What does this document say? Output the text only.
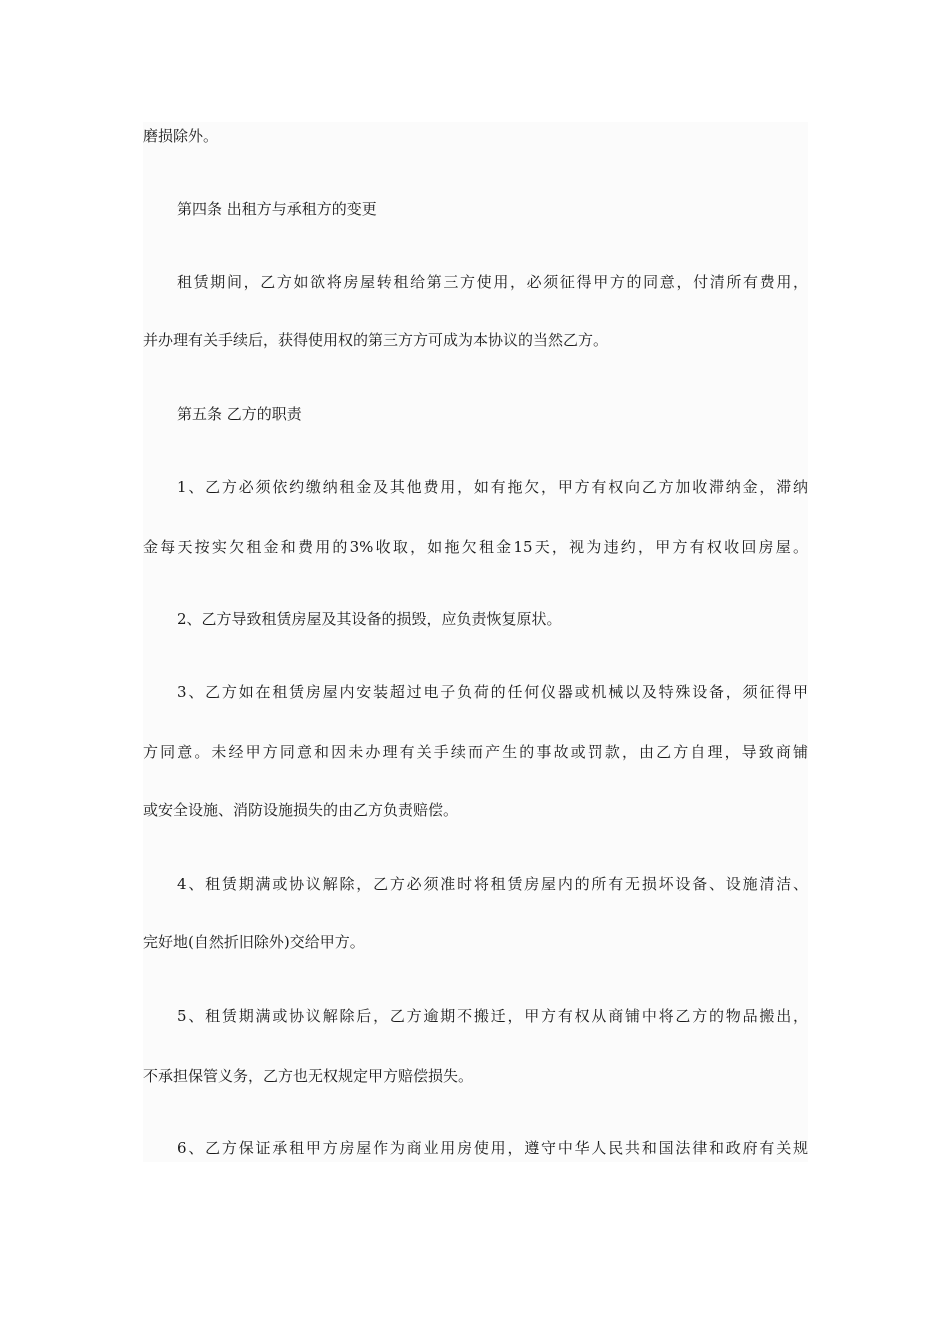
磨损除外。
第四条 出租方与承租方的变更
租赁期间，乙方如欲将房屋转租给第三方使用，必须征得甲方的同意，付清所有费用，
并办理有关手续后，获得使用权的第三方方可成为本协议的当然乙方。
第五条 乙方的职责
1、乙方必须依约缴纳租金及其他费用，如有拖欠，甲方有权向乙方加收滞纳金，滞纳
金每天按实欠租金和费用的3%收取，如拖欠租金15天，视为违约，甲方有权收回房屋。
2、乙方导致租赁房屋及其设备的损毁，应负责恢复原状。
3、乙方如在租赁房屋内安装超过电子负荷的任何仪器或机械以及特殊设备，须征得甲
方同意。未经甲方同意和因未办理有关手续而产生的事故或罚款，由乙方自理，导致商铺
或安全设施、消防设施损失的由乙方负责赔偿。
4、租赁期满或协议解除，乙方必须准时将租赁房屋内的所有无损坏设备、设施清洁、
完好地(自然折旧除外)交给甲方。
5、租赁期满或协议解除后，乙方逾期不搬迁，甲方有权从商铺中将乙方的物品搬出，
不承担保管义务，乙方也无权规定甲方赔偿损失。
6、乙方保证承租甲方房屋作为商业用房使用，遵守中华人民共和国法律和政府有关规
